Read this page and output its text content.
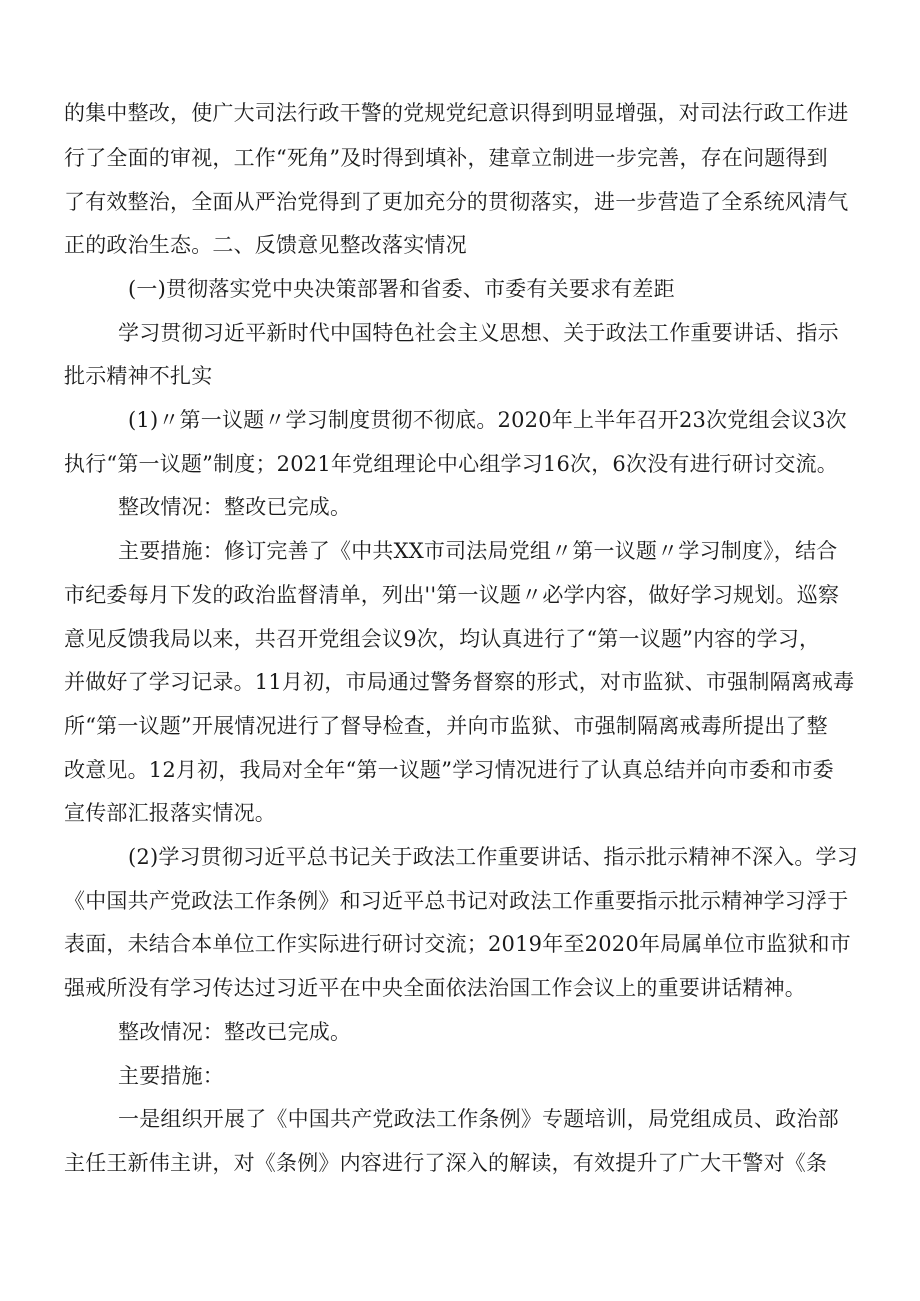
的集中整改，使广大司法行政干警的党规党纪意识得到明显增强，对司法行政工作进
行了全面的审视，工作“死角”及时得到填补，建章立制进一步完善，存在问题得到
了有效整治，全面从严治党得到了更加充分的贯彻落实，进一步营造了全系统风清气
正的政治生态。二、反馈意见整改落实情况
(一)贯彻落实党中央决策部署和省委、市委有关要求有差距
学习贯彻习近平新时代中国特色社会主义思想、关于政法工作重要讲话、指示
批示精神不扎实
(1)〃第一议题〃学习制度贯彻不彻底。2020年上半年召开23次党组会议3次
执行“第一议题”制度；2021年党组理论中心组学习16次，6次没有进行研讨交流。
整改情况：整改已完成。
主要措施：修订完善了《中共XX市司法局党组〃第一议题〃学习制度》，结合
市纪委每月下发的政治监督清单，列出''第一议题〃必学内容，做好学习规划。巡察
意见反馈我局以来，共召开党组会议9次，均认真进行了“第一议题”内容的学习，
并做好了学习记录。11月初，市局通过警务督察的形式，对市监狱、市强制隔离戒毒
所“第一议题”开展情况进行了督导检查，并向市监狱、市强制隔离戒毒所提出了整
改意见。12月初，我局对全年“第一议题”学习情况进行了认真总结并向市委和市委
宣传部汇报落实情况。
(2)学习贯彻习近平总书记关于政法工作重要讲话、指示批示精神不深入。学习
《中国共产党政法工作条例》和习近平总书记对政法工作重要指示批示精神学习浮于
表面，未结合本单位工作实际进行研讨交流；2019年至2020年局属单位市监狱和市
强戒所没有学习传达过习近平在中央全面依法治国工作会议上的重要讲话精神。
整改情况：整改已完成。
主要措施：
一是组织开展了《中国共产党政法工作条例》专题培训，局党组成员、政治部
主任王新伟主讲，对《条例》内容进行了深入的解读，有效提升了广大干警对《条
